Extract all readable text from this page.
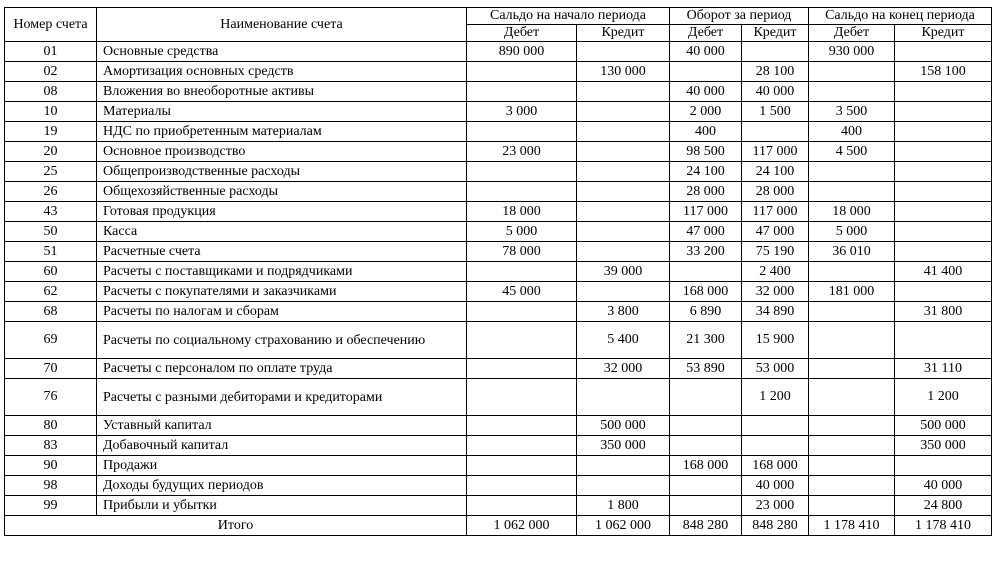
Номер счета	Наименование счета	Сальдо на начало периода		Оборот за период		Сальдо на конец периода	
		Дебет	Кредит	Дебет	Кредит	Дебет	Кредит
01	Основные средства	890 000		40 000		930 000	
02	Амортизация основных средств		130 000		28 100		158 100
08	Вложения во внеоборотные активы			40 000	40 000		
10	Материалы	3 000		2 000	1 500	3 500	
19	НДС по приобретенным материалам			400		400	
20	Основное производство	23 000		98 500	117 000	4 500	
25	Общепроизводственные расходы			24 100	24 100		
26	Общехозяйственные расходы			28 000	28 000		
43	Готовая продукция	18 000		117 000	117 000	18 000	
50	Касса	5 000		47 000	47 000	5 000	
51	Расчетные счета	78 000		33 200	75 190	36 010	
60	Расчеты с поставщиками и подрядчиками		39 000		2 400		41 400
62	Расчеты с покупателями и заказчиками	45 000		168 000	32 000	181 000	
68	Расчеты по налогам и сборам		3 800	6 890	34 890		31 800
69	Расчеты по социальному страхованию и обеспечению		5 400	21 300	15 900		
70	Расчеты с персоналом по оплате труда		32 000	53 890	53 000		31 110
76	Расчеты с разными дебиторами и кредиторами				1 200		1 200
80	Уставный капитал		500 000				500 000
83	Добавочный капитал		350 000				350 000
90	Продажи			168 000	168 000		
98	Доходы будущих периодов				40 000		40 000
99	Прибыли и убытки		1 800		23 000		24 800
Итого		1 062 000	1 062 000	848 280	848 280	1 178 410	1 178 410
